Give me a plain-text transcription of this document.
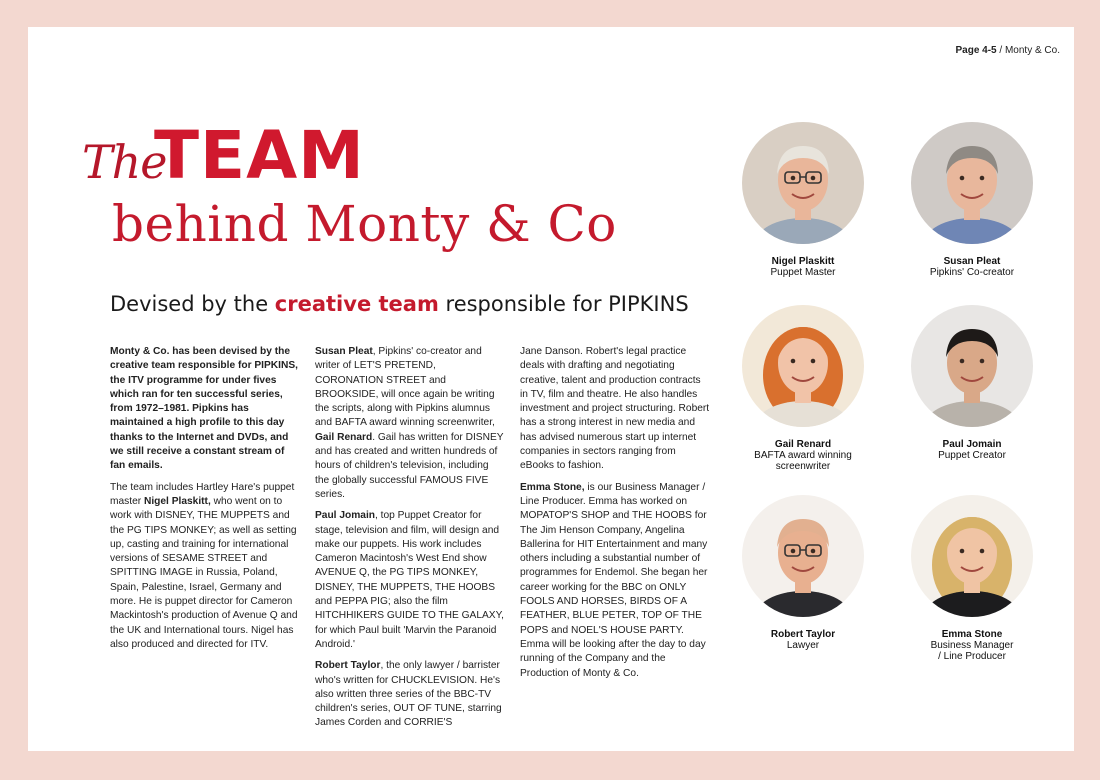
Page 4-5 / Monty & Co.
The
TEAM
behind Monty & Co
Devised by the creative team responsible for PIPKINS

Monty & Co. has been devised by the creative team responsible for PIPKINS, the ITV programme for under fives which ran for ten successful series, from 1972–1981. Pipkins has maintained a high profile to this day thanks to the Internet and DVDs, and we still receive a constant stream of fan emails.

The team includes Hartley Hare's puppet master Nigel Plaskitt, who went on to work with DISNEY, THE MUPPETS and the PG TIPS MONKEY; as well as setting up, casting and training for international versions of SESAME STREET and SPITTING IMAGE in Russia, Poland, Spain, Palestine, Israel, Germany and more. He is puppet director for Cameron Mackintosh's production of Avenue Q and the UK and International tours. Nigel has also produced and directed for ITV.

Susan Pleat, Pipkins' co-creator and writer of LET'S PRETEND, CORONATION STREET and BROOKSIDE, will once again be writing the scripts, along with Pipkins alumnus and BAFTA award winning screenwriter, Gail Renard. Gail has written for DISNEY and has created and written hundreds of hours of children's television, including the globally successful FAMOUS FIVE series.

Paul Jomain, top Puppet Creator for stage, television and film, will design and make our puppets. His work includes Cameron Macintosh's West End show AVENUE Q, the PG TIPS MONKEY, DISNEY, THE MUPPETS, THE HOOBS and PEPPA PIG; also the film HITCHHIKERS GUIDE TO THE GALAXY, for which Paul built 'Marvin the Paranoid Android.'

Robert Taylor, the only lawyer / barrister who's written for CHUCKLEVISION. He's also written three series of the BBC-TV children's series, OUT OF TUNE, starring James Corden and CORRIE'S

Jane Danson. Robert's legal practice deals with drafting and negotiating creative, talent and production contracts in TV, film and theatre. He also handles investment and project structuring. Robert has a strong interest in new media and has advised numerous start up internet companies in sectors ranging from eBooks to fashion.

Emma Stone, is our Business Manager / Line Producer. Emma has worked on MOPATOP'S SHOP and THE HOOBS for The Jim Henson Company, Angelina Ballerina for HIT Entertainment and many others including a substantial number of programmes for Endemol. She began her career working for the BBC on ONLY FOOLS AND HORSES, BIRDS OF A FEATHER, BLUE PETER, TOP OF THE POPS and NOEL'S HOUSE PARTY. Emma will be looking after the day to day running of the Company and the Production of Monty & Co.

Nigel Plaskitt
Puppet Master
Susan Pleat
Pipkins' Co-creator
Gail Renard
BAFTA award winning
screenwriter
Paul Jomain
Puppet Creator
Robert Taylor
Lawyer
Emma Stone
Business Manager
/ Line Producer
